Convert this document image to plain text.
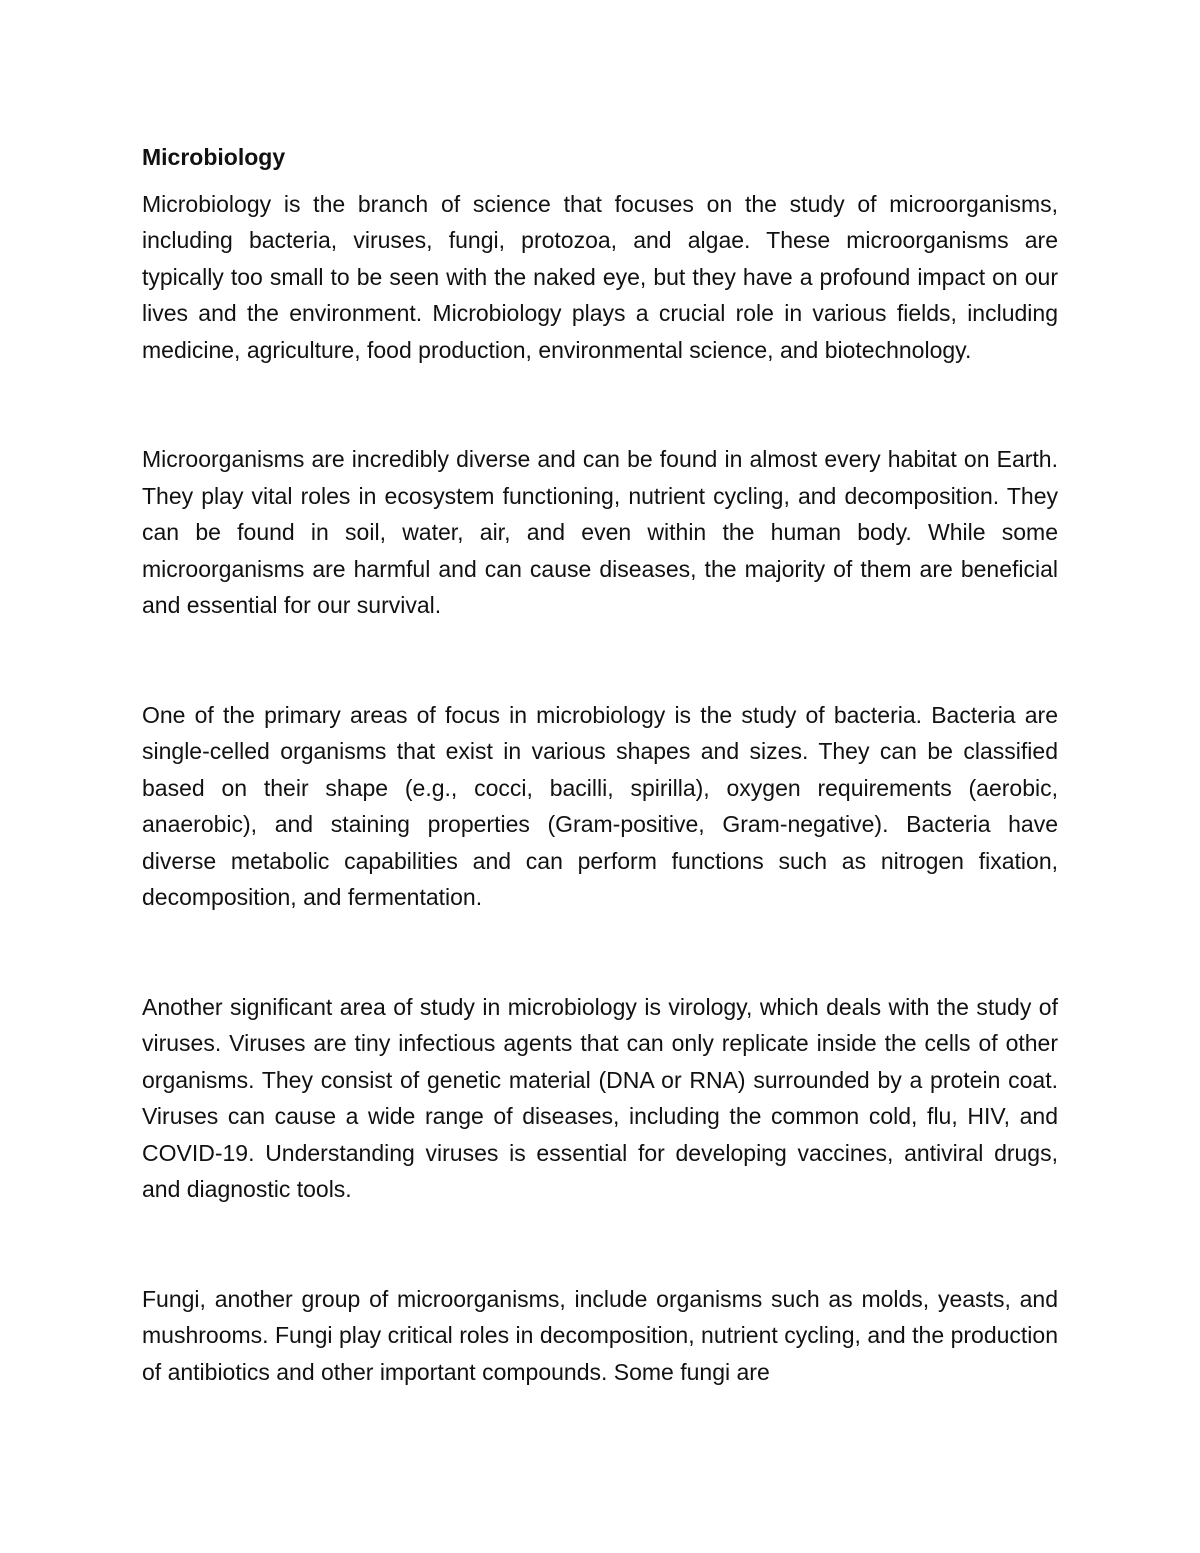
Microbiology

Microbiology is the branch of science that focuses on the study of microorganisms, including bacteria, viruses, fungi, protozoa, and algae. These microorganisms are typically too small to be seen with the naked eye, but they have a profound impact on our lives and the environment. Microbiology plays a crucial role in various fields, including medicine, agriculture, food production, environmental science, and biotechnology.

Microorganisms are incredibly diverse and can be found in almost every habitat on Earth. They play vital roles in ecosystem functioning, nutrient cycling, and decomposition. They can be found in soil, water, air, and even within the human body. While some microorganisms are harmful and can cause diseases, the majority of them are beneficial and essential for our survival.

One of the primary areas of focus in microbiology is the study of bacteria. Bacteria are single-celled organisms that exist in various shapes and sizes. They can be classified based on their shape (e.g., cocci, bacilli, spirilla), oxygen requirements (aerobic, anaerobic), and staining properties (Gram-positive, Gram-negative). Bacteria have diverse metabolic capabilities and can perform functions such as nitrogen fixation, decomposition, and fermentation.

Another significant area of study in microbiology is virology, which deals with the study of viruses. Viruses are tiny infectious agents that can only replicate inside the cells of other organisms. They consist of genetic material (DNA or RNA) surrounded by a protein coat. Viruses can cause a wide range of diseases, including the common cold, flu, HIV, and COVID-19. Understanding viruses is essential for developing vaccines, antiviral drugs, and diagnostic tools.

Fungi, another group of microorganisms, include organisms such as molds, yeasts, and mushrooms. Fungi play critical roles in decomposition, nutrient cycling, and the production of antibiotics and other important compounds. Some fungi are
